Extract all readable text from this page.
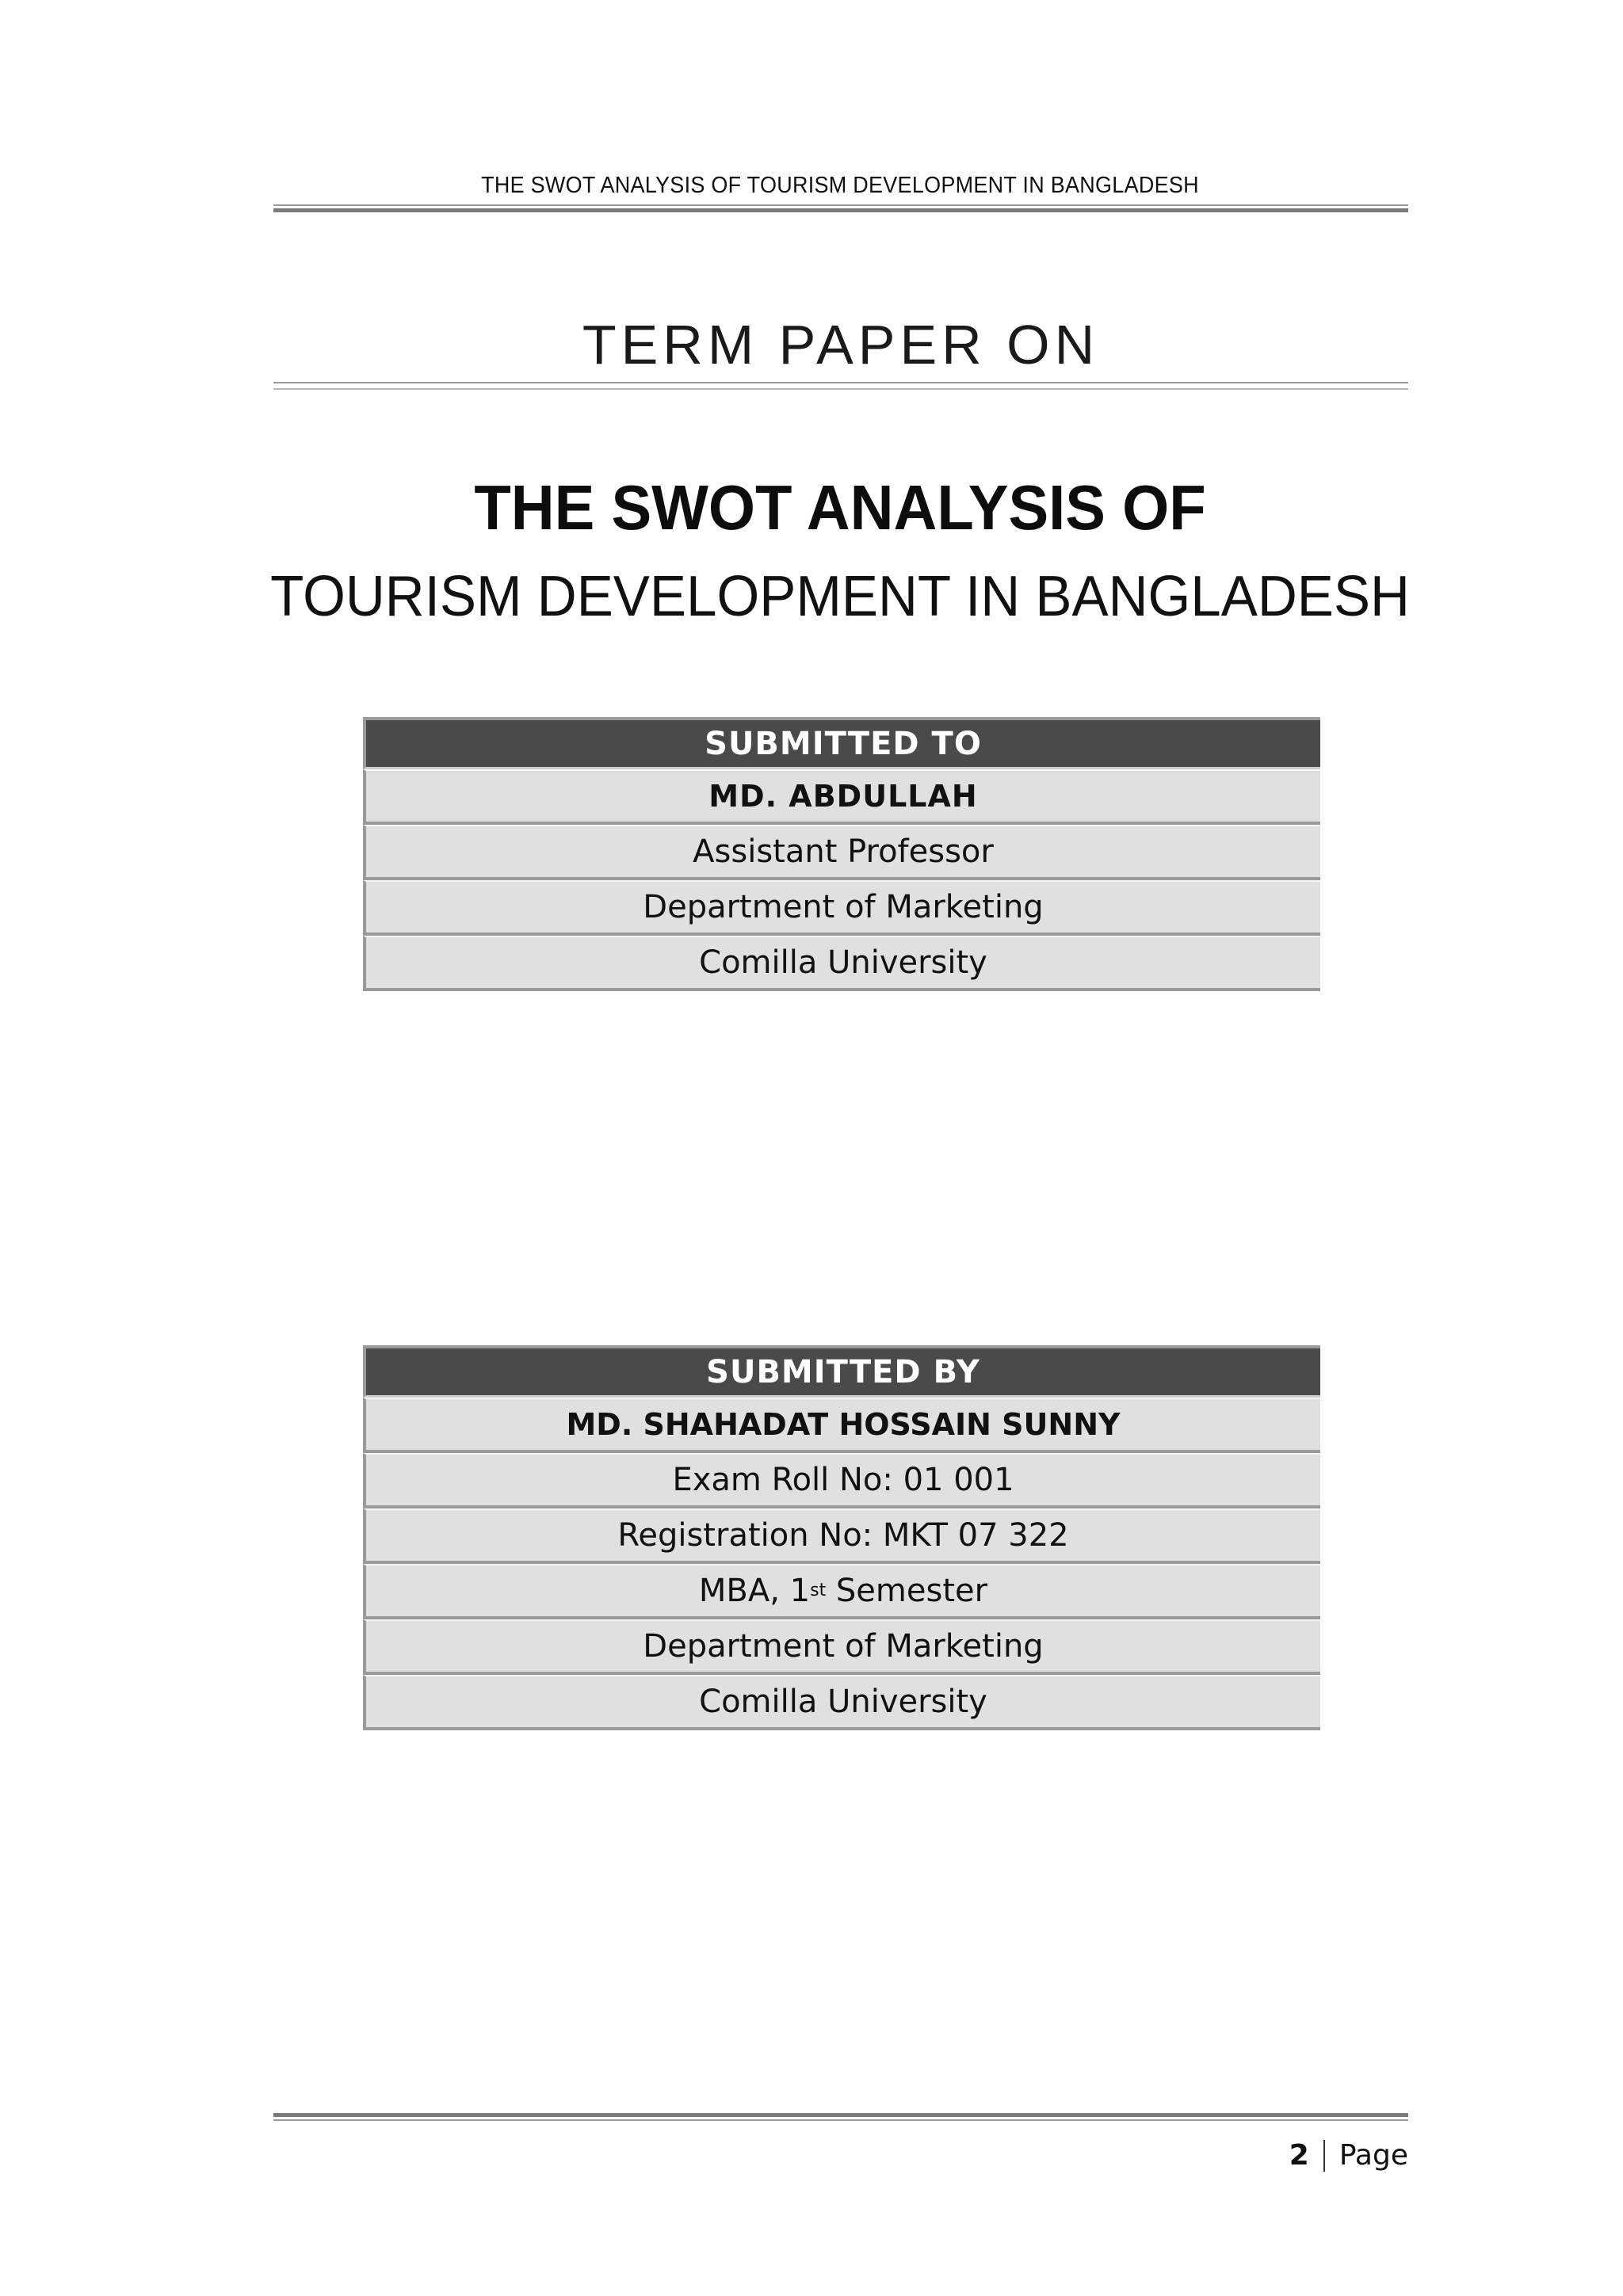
THE SWOT ANALYSIS OF TOURISM DEVELOPMENT IN BANGLADESH
TERM PAPER ON
THE SWOT ANALYSIS OF
TOURISM DEVELOPMENT IN BANGLADESH
SUBMITTED TO
MD. ABDULLAH
Assistant Professor
Department of Marketing
Comilla University
SUBMITTED BY
MD. SHAHADAT HOSSAIN SUNNY
Exam Roll No: 01 001
Registration No: MKT 07 322
MBA, 1 st Semester
Department of Marketing
Comilla University
2 Page
